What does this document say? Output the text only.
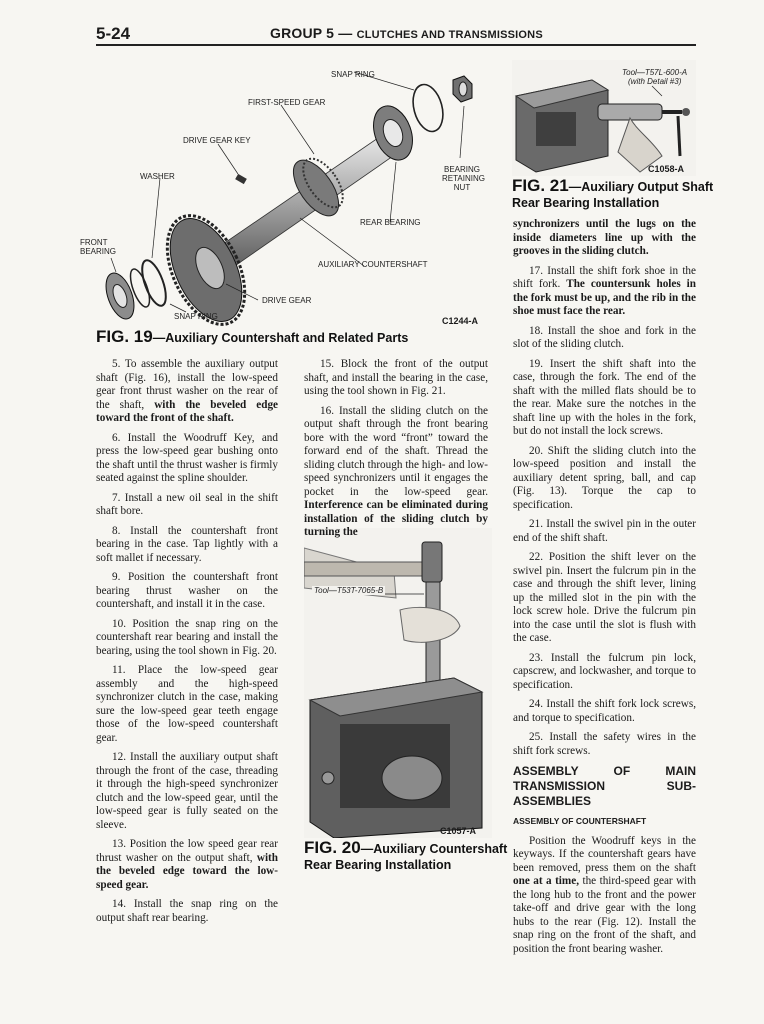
5-24	GROUP 5 — CLUTCHES AND TRANSMISSIONS
SNAP RING
FIRST-SPEED GEAR
DRIVE GEAR KEY
WASHER
BEARING
RETAINING
NUT
FRONT
BEARING
REAR BEARING
AUXILIARY COUNTERSHAFT
DRIVE GEAR
SNAP RING	C1244-A
FIG. 19—Auxiliary Countershaft and Related Parts
Tool—T57L-600-A
(with Detail #3)
C1058-A
FIG. 21—Auxiliary Output Shaft
Rear Bearing Installation
Tool—T53T-7065-B
C1057-A
FIG. 20—Auxiliary Countershaft
Rear Bearing Installation

5. To assemble the auxiliary output shaft (Fig. 16), install the low-speed gear front thrust washer on the rear of the shaft, with the beveled edge toward the front of the shaft.

6. Install the Woodruff Key, and press the low-speed gear bushing onto the shaft until the thrust washer is firmly seated against the spline shoulder.

7. Install a new oil seal in the shift shaft bore.

8. Install the countershaft front bearing in the case. Tap lightly with a soft mallet if necessary.

9. Position the countershaft front bearing thrust washer on the countershaft, and install it in the case.

10. Position the snap ring on the countershaft rear bearing and install the bearing, using the tool shown in Fig. 20.

11. Place the low-speed gear assembly and the high-speed synchronizer clutch in the case, making sure the low-speed gear teeth engage those of the low-speed countershaft gear.

12. Install the auxiliary output shaft through the front of the case, threading it through the high-speed synchronizer clutch and the low-speed gear, until the low-speed gear is fully seated on the sleeve.

13. Position the low speed gear rear thrust washer on the output shaft, with the beveled edge toward the low-speed gear.

14. Install the snap ring on the output shaft rear bearing.

15. Block the front of the output shaft, and install the bearing in the case, using the tool shown in Fig. 21.

16. Install the sliding clutch on the output shaft through the front bearing bore with the word “front” toward the forward end of the shaft. Thread the sliding clutch through the high- and low-speed synchronizers until it engages the pocket in the low-speed gear. Interference can be eliminated during installation of the sliding clutch by turning the

synchronizers until the lugs on the inside diameters line up with the grooves in the sliding clutch.

17. Install the shift fork shoe in the shift fork. The countersunk holes in the fork must be up, and the rib in the shoe must face the rear.

18. Install the shoe and fork in the slot of the sliding clutch.

19. Insert the shift shaft into the case, through the fork. The end of the shaft with the milled flats should be to the rear. Make sure the notches in the shaft line up with the holes in the fork, but do not install the lock screws.

20. Shift the sliding clutch into the low-speed position and install the auxiliary detent spring, ball, and cap (Fig. 13). Torque the cap to specification.

21. Install the swivel pin in the outer end of the shift shaft.

22. Position the shift lever on the swivel pin. Insert the fulcrum pin in the case and through the shift lever, lining up the milled slot in the pin with the lock screw hole. Drive the fulcrum pin into the case until the slot is flush with the case.

23. Install the fulcrum pin lock, capscrew, and lockwasher, and torque to specification.

24. Install the shift fork lock screws, and torque to specification.

25. Install the safety wires in the shift fork screws.

ASSEMBLY OF MAIN TRANSMISSION SUB-ASSEMBLIES

ASSEMBLY OF COUNTERSHAFT

Position the Woodruff keys in the keyways. If the countershaft gears have been removed, press them on the shaft one at a time, the third-speed gear with the long hub to the front and the power take-off and drive gear with the long hubs to the rear (Fig. 12). Install the snap ring on the front of the shaft, and position the front bearing washer.
